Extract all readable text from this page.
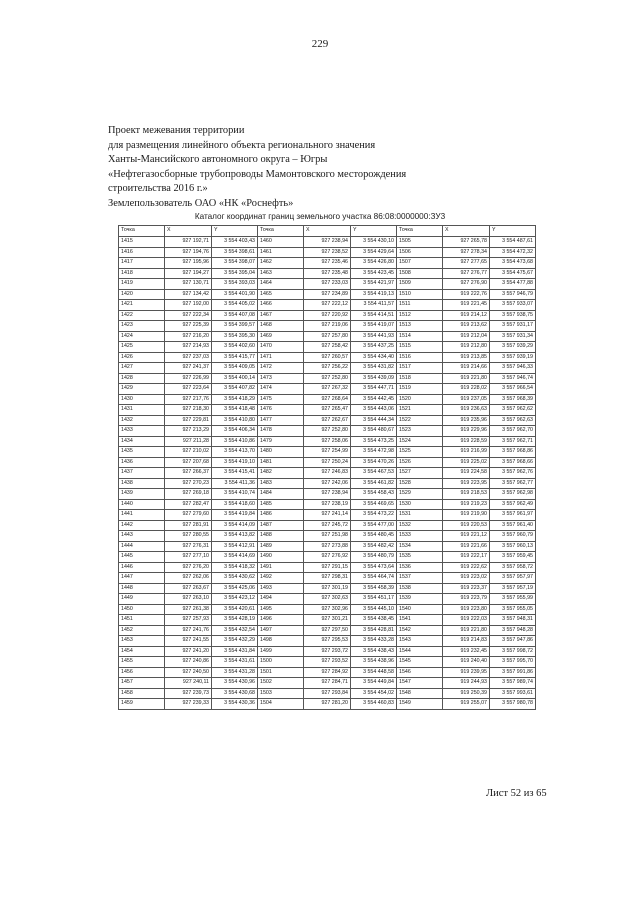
229
Проект межевания территории
для размещения линейного объекта регионального значения
Ханты-Мансийского автономного округа – Югры
«Нефтегазосборные трубопроводы Мамонтовского месторождения
строительства 2016 г.»
Землепользователь ОАО «НК «Роснефть»
Каталог координат границ земельного участка 86:08:0000000:ЗУ3
Точка	X	Y	Точка	X	Y	Точка	X	Y
1415	927 192,71	3 554 403,43	1460	927 238,94	3 554 430,10	1505	927 265,78	3 554 487,61
1416	927 194,76	3 554 398,61	1461	927 238,52	3 554 429,64	1506	927 278,34	3 554 472,32
1417	927 195,96	3 554 398,07	1462	927 235,46	3 554 426,80	1507	927 277,65	3 554 473,68
1418	927 194,27	3 554 395,04	1463	927 235,48	3 554 423,45	1508	927 276,77	3 554 475,67
1419	927 130,71	3 554 393,03	1464	927 233,03	3 554 421,97	1509	927 276,90	3 554 477,88
1420	927 134,42	3 554 401,90	1465	927 234,89	3 554 419,13	1510	919 222,76	3 557 946,79
1421	927 192,00	3 554 405,02	1466	927 222,12	3 554 411,57	1511	919 221,45	3 557 933,07
1422	927 222,34	3 554 407,08	1467	927 220,92	3 554 414,51	1512	919 214,12	3 557 938,75
1423	927 225,39	3 554 399,57	1468	927 219,06	3 554 419,07	1513	919 213,62	3 557 931,17
1424	927 216,20	3 554 395,30	1469	927 257,80	3 554 441,93	1514	919 212,04	3 557 931,34
1425	927 214,93	3 554 402,60	1470	927 258,42	3 554 437,25	1515	919 212,80	3 557 939,29
1426	927 237,03	3 554 415,77	1471	927 260,57	3 554 434,40	1516	919 213,85	3 557 939,19
1427	927 241,37	3 554 409,05	1472	927 256,22	3 554 431,82	1517	919 214,66	3 557 946,33
1428	927 226,99	3 554 400,14	1473	927 252,80	3 554 439,09	1518	919 221,80	3 557 946,74
1429	927 223,64	3 554 407,82	1474	927 267,32	3 554 447,71	1519	919 228,02	3 557 966,54
1430	927 217,76	3 554 418,29	1475	927 268,64	3 554 442,45	1520	919 237,05	3 557 968,39
1431	927 218,30	3 554 418,48	1476	927 265,47	3 554 443,06	1521	919 236,63	3 557 962,62
1432	927 229,81	3 554 410,80	1477	927 262,67	3 554 444,34	1522	919 235,96	3 557 962,63
1433	927 213,29	3 554 406,34	1478	927 252,80	3 554 480,67	1523	919 229,96	3 557 962,70
1434	927 211,28	3 554 410,86	1479	927 258,06	3 554 473,25	1524	919 228,59	3 557 962,71
1435	927 210,02	3 554 413,70	1480	927 254,99	3 554 472,98	1525	919 216,99	3 557 968,86
1436	927 207,68	3 554 419,10	1481	927 250,24	3 554 470,26	1526	919 225,02	3 557 968,66
1437	927 266,37	3 554 415,41	1482	927 246,83	3 554 467,53	1527	919 224,58	3 557 962,76
1438	927 270,23	3 554 411,36	1483	927 242,06	3 554 461,82	1528	919 223,95	3 557 962,77
1439	927 269,18	3 554 410,74	1484	927 238,94	3 554 458,43	1529	919 218,53	3 557 962,98
1440	927 282,47	3 554 418,60	1485	927 238,19	3 554 469,65	1530	919 219,23	3 557 962,49
1441	927 279,60	3 554 419,84	1486	927 241,14	3 554 473,22	1531	919 219,90	3 557 961,97
1442	927 281,91	3 554 414,09	1487	927 245,72	3 554 477,00	1532	919 220,53	3 557 961,40
1443	927 280,55	3 554 413,82	1488	927 251,98	3 554 480,45	1533	919 221,12	3 557 960,79
1444	927 276,31	3 554 412,91	1489	927 273,88	3 554 482,42	1534	919 221,66	3 557 960,13
1445	927 277,10	3 554 414,69	1490	927 276,92	3 554 480,79	1535	919 222,17	3 557 959,45
1446	927 276,20	3 554 418,32	1491	927 291,15	3 554 473,64	1536	919 222,62	3 557 958,72
1447	927 262,06	3 554 430,62	1492	927 298,31	3 554 464,74	1537	919 223,02	3 557 957,97
1448	927 263,67	3 554 425,06	1493	927 301,19	3 554 458,39	1538	919 223,37	3 557 957,19
1449	927 263,10	3 554 423,12	1494	927 302,63	3 554 451,17	1539	919 223,79	3 557 955,99
1450	927 261,38	3 554 420,61	1495	927 302,96	3 554 445,10	1540	919 223,80	3 557 955,05
1451	927 257,93	3 554 428,19	1496	927 301,21	3 554 438,45	1541	919 222,03	3 557 948,31
1452	927 241,76	3 554 432,54	1497	927 297,50	3 554 428,81	1542	919 221,80	3 557 948,28
1453	927 241,55	3 554 432,29	1498	927 295,53	3 554 433,28	1543	919 214,83	3 557 947,86
1454	927 241,20	3 554 431,84	1499	927 293,72	3 554 438,43	1544	919 232,45	3 557 998,72
1455	927 240,86	3 554 431,61	1500	927 293,52	3 554 438,96	1545	919 240,40	3 557 995,70
1456	927 240,50	3 554 431,28	1501	927 284,92	3 554 448,58	1546	919 239,95	3 557 991,86
1457	927 240,11	3 554 430,96	1502	927 284,71	3 554 449,84	1547	919 244,93	3 557 989,74
1458	927 239,73	3 554 430,68	1503	927 293,84	3 554 454,02	1548	919 250,39	3 557 993,61
1459	927 239,33	3 554 430,36	1504	927 281,20	3 554 460,83	1549	919 255,07	3 557 980,78
Лист 52 из 65
